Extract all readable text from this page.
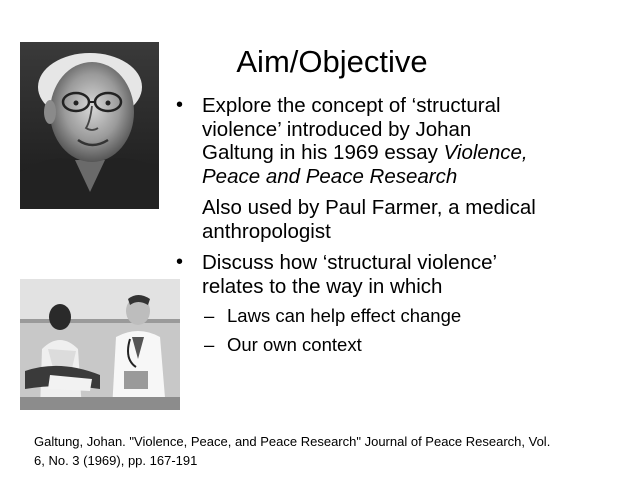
Aim/Objective
• Explore the concept of ‘structural
violence’ introduced by Johan
Galtung in his 1969 essay Violence,
Peace and Peace Research
Also used by Paul Farmer, a medical
anthropologist
• Discuss how ‘structural violence’
relates to the way in which
– Laws can help effect change
– Our own context
Galtung, Johan. "Violence, Peace, and Peace Research" Journal of Peace Research, Vol.
6, No. 3 (1969), pp. 167-191
